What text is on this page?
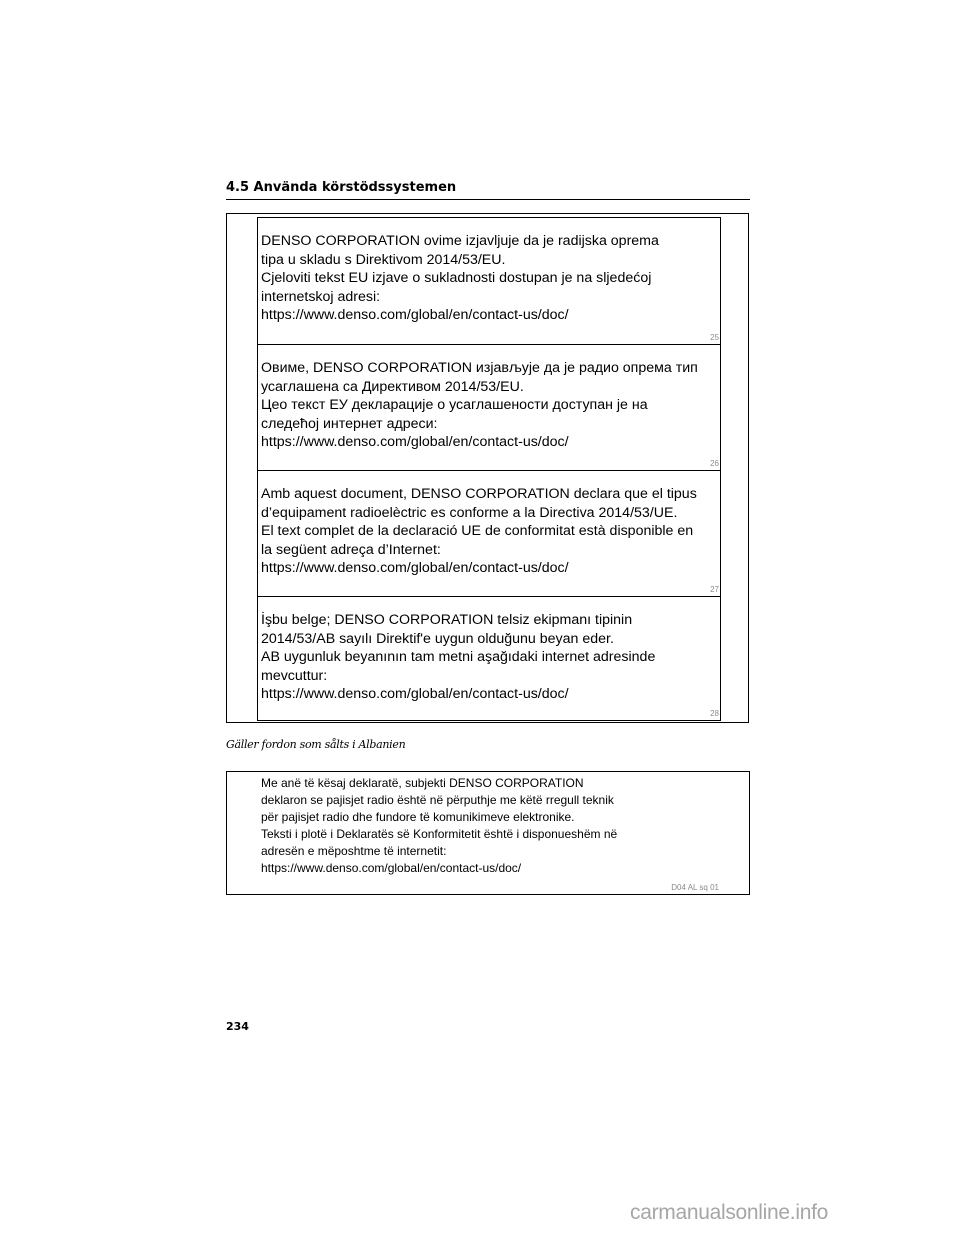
4.5 Använda körstödssystemen
DENSO CORPORATION ovime izjavljuje da je radijska oprema
tipa u skladu s Direktivom 2014/53/EU.
Cjeloviti tekst EU izjave o sukladnosti dostupan je na sljedećoj
internetskoj adresi:
https://www.denso.com/global/en/contact-us/doc/
25
Овиме, DENSO CORPORATION изјављује да је радио опрема тип
усаглашена са Директивом 2014/53/EU.
Цео текст ЕУ декларације о усаглашености доступан је на
следећој интернет адреси:
https://www.denso.com/global/en/contact-us/doc/
26
Amb aquest document, DENSO CORPORATION declara que el tipus
d’equipament radioelèctric es conforme a la Directiva 2014/53/UE.
El text complet de la declaració UE de conformitat està disponible en
la següent adreça d’Internet:
https://www.denso.com/global/en/contact-us/doc/
27
İşbu belge; DENSO CORPORATION telsiz ekipmanı tipinin
2014/53/AB sayılı Direktif'e uygun olduğunu beyan eder.
AB uygunluk beyanının tam metni aşağıdaki internet adresinde
mevcuttur:
https://www.denso.com/global/en/contact-us/doc/
28
Gäller fordon som sålts i Albanien
Me anë të kësaj deklaratë, subjekti DENSO CORPORATION
deklaron se pajisjet radio është në përputhje me këtë rregull teknik
për pajisjet radio dhe fundore të komunikimeve elektronike.
Teksti i plotë i Deklaratës së Konformitetit është i disponueshëm në
adresën e mëposhtme të internetit:
https://www.denso.com/global/en/contact-us/doc/
D04 AL sq 01
234
carmanualsonline.info
